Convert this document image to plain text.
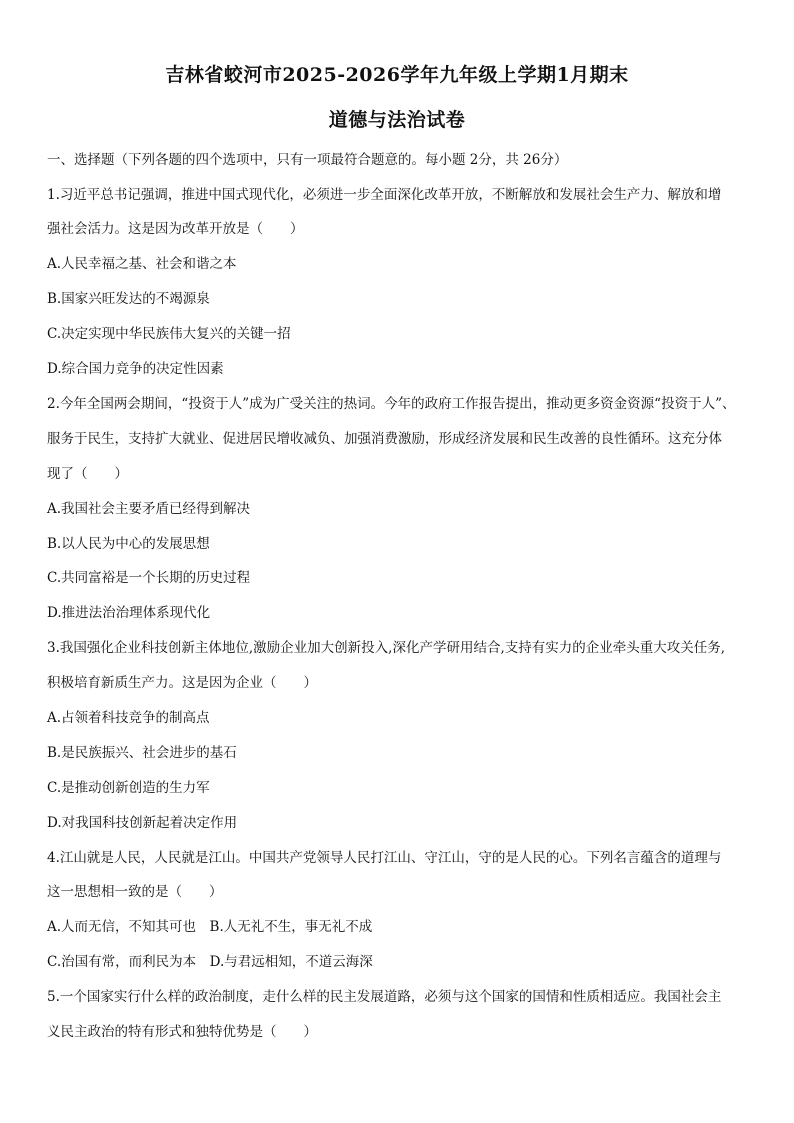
吉林省蛟河市2025-2026学年九年级上学期1月期末
道德与法治试卷
一、选择题（下列各题的四个选项中，只有一项最符合题意的。每小题 2分，共 26分）
1.习近平总书记强调，推进中国式现代化，必须进一步全面深化改革开放，不断解放和发展社会生产力、解放和增
强社会活力。这是因为改革开放是（　　）
A.人民幸福之基、社会和谐之本
B.国家兴旺发达的不竭源泉
C.决定实现中华民族伟大复兴的关键一招
D.综合国力竞争的决定性因素
2.今年全国两会期间，“投资于人”成为广受关注的热词。今年的政府工作报告提出，推动更多资金资源“投资于人”、
服务于民生，支持扩大就业、促进居民增收减负、加强消费激励，形成经济发展和民生改善的良性循环。这充分体
现了（　　）
A.我国社会主要矛盾已经得到解决
B.以人民为中心的发展思想
C.共同富裕是一个长期的历史过程
D.推进法治治理体系现代化
3.我国强化企业科技创新主体地位,激励企业加大创新投入,深化产学研用结合,支持有实力的企业牵头重大攻关任务,
积极培育新质生产力。这是因为企业（　　）
A.占领着科技竞争的制高点
B.是民族振兴、社会进步的基石
C.是推动创新创造的生力军
D.对我国科技创新起着决定作用
4.江山就是人民，人民就是江山。中国共产党领导人民打江山、守江山，守的是人民的心。下列名言蕴含的道理与
这一思想相一致的是（　　）
A.人而无信，不知其可也　B.人无礼不生，事无礼不成
C.治国有常，而利民为本　D.与君远相知，不道云海深
5.一个国家实行什么样的政治制度，走什么样的民主发展道路，必须与这个国家的国情和性质相适应。我国社会主
义民主政治的特有形式和独特优势是（　　）
